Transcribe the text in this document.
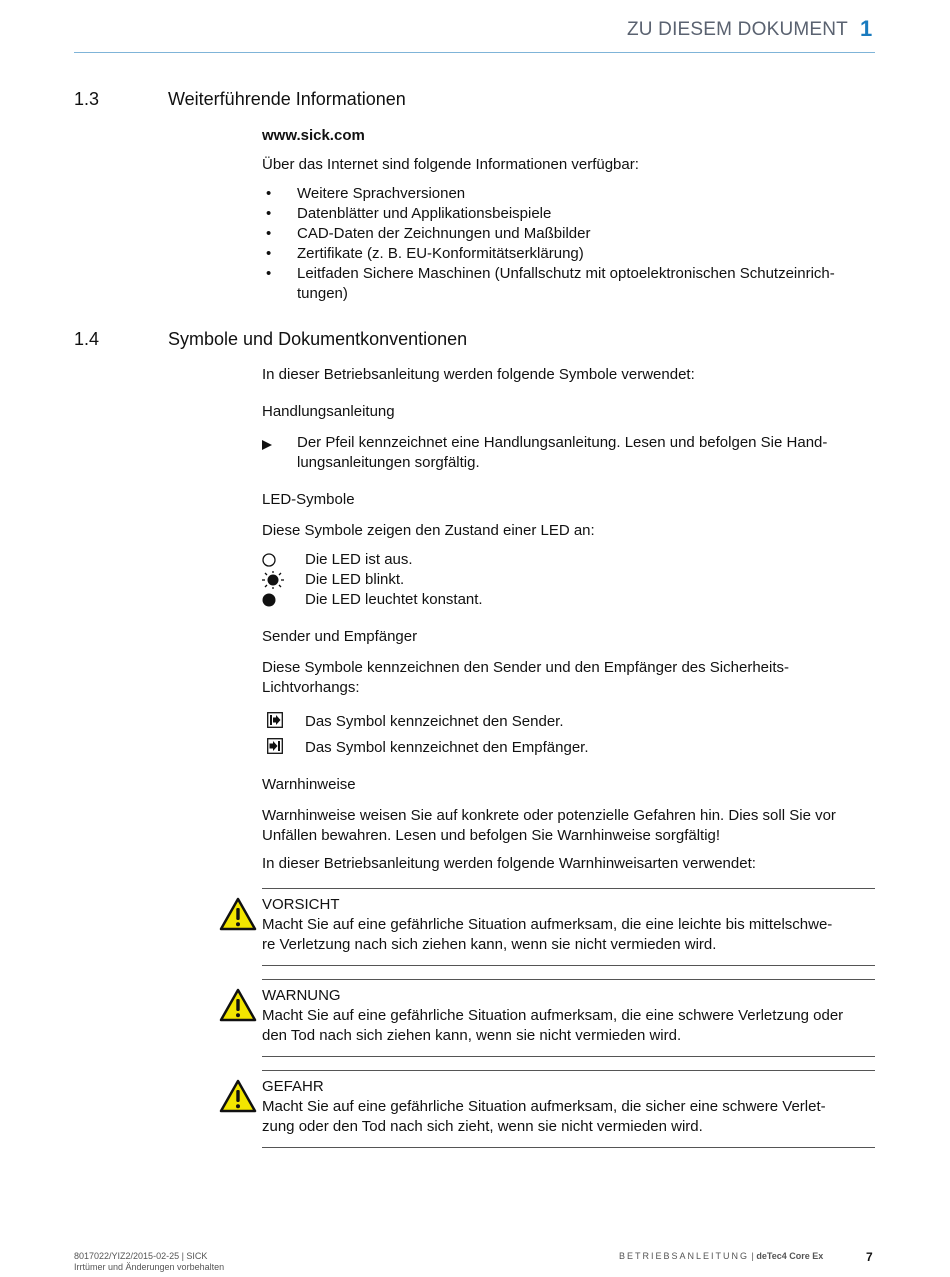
ZU DIESEM DOKUMENT 1
1.3	Weiterführende Informationen
www.sick.com
Über das Internet sind folgende Informationen verfügbar:
• Weitere Sprachversionen
• Datenblätter und Applikationsbeispiele
• CAD-Daten der Zeichnungen und Maßbilder
• Zertifikate (z. B. EU-Konformitätserklärung)
• Leitfaden Sichere Maschinen (Unfallschutz mit optoelektronischen Schutzeinrich-
tungen)
1.4	Symbole und Dokumentkonventionen
In dieser Betriebsanleitung werden folgende Symbole verwendet:
Handlungsanleitung
Der Pfeil kennzeichnet eine Handlungsanleitung. Lesen und befolgen Sie Hand-
lungsanleitungen sorgfältig.
LED-Symbole
Diese Symbole zeigen den Zustand einer LED an:
Die LED ist aus.
Die LED blinkt.
Die LED leuchtet konstant.
Sender und Empfänger
Diese Symbole kennzeichnen den Sender und den Empfänger des Sicherheits-
Lichtvorhangs:
Das Symbol kennzeichnet den Sender.
Das Symbol kennzeichnet den Empfänger.
Warnhinweise
Warnhinweise weisen Sie auf konkrete oder potenzielle Gefahren hin. Dies soll Sie vor
Unfällen bewahren. Lesen und befolgen Sie Warnhinweise sorgfältig!
In dieser Betriebsanleitung werden folgende Warnhinweisarten verwendet:
VORSICHT
Macht Sie auf eine gefährliche Situation aufmerksam, die eine leichte bis mittelschwe-
re Verletzung nach sich ziehen kann, wenn sie nicht vermieden wird.
WARNUNG
Macht Sie auf eine gefährliche Situation aufmerksam, die eine schwere Verletzung oder
den Tod nach sich ziehen kann, wenn sie nicht vermieden wird.
GEFAHR
Macht Sie auf eine gefährliche Situation aufmerksam, die sicher eine schwere Verlet-
zung oder den Tod nach sich zieht, wenn sie nicht vermieden wird.
8017022/YIZ2/2015-02-25 | SICK
Irrtümer und Änderungen vorbehalten
BETRIEBSANLEITUNG | deTec4 Core Ex	7
